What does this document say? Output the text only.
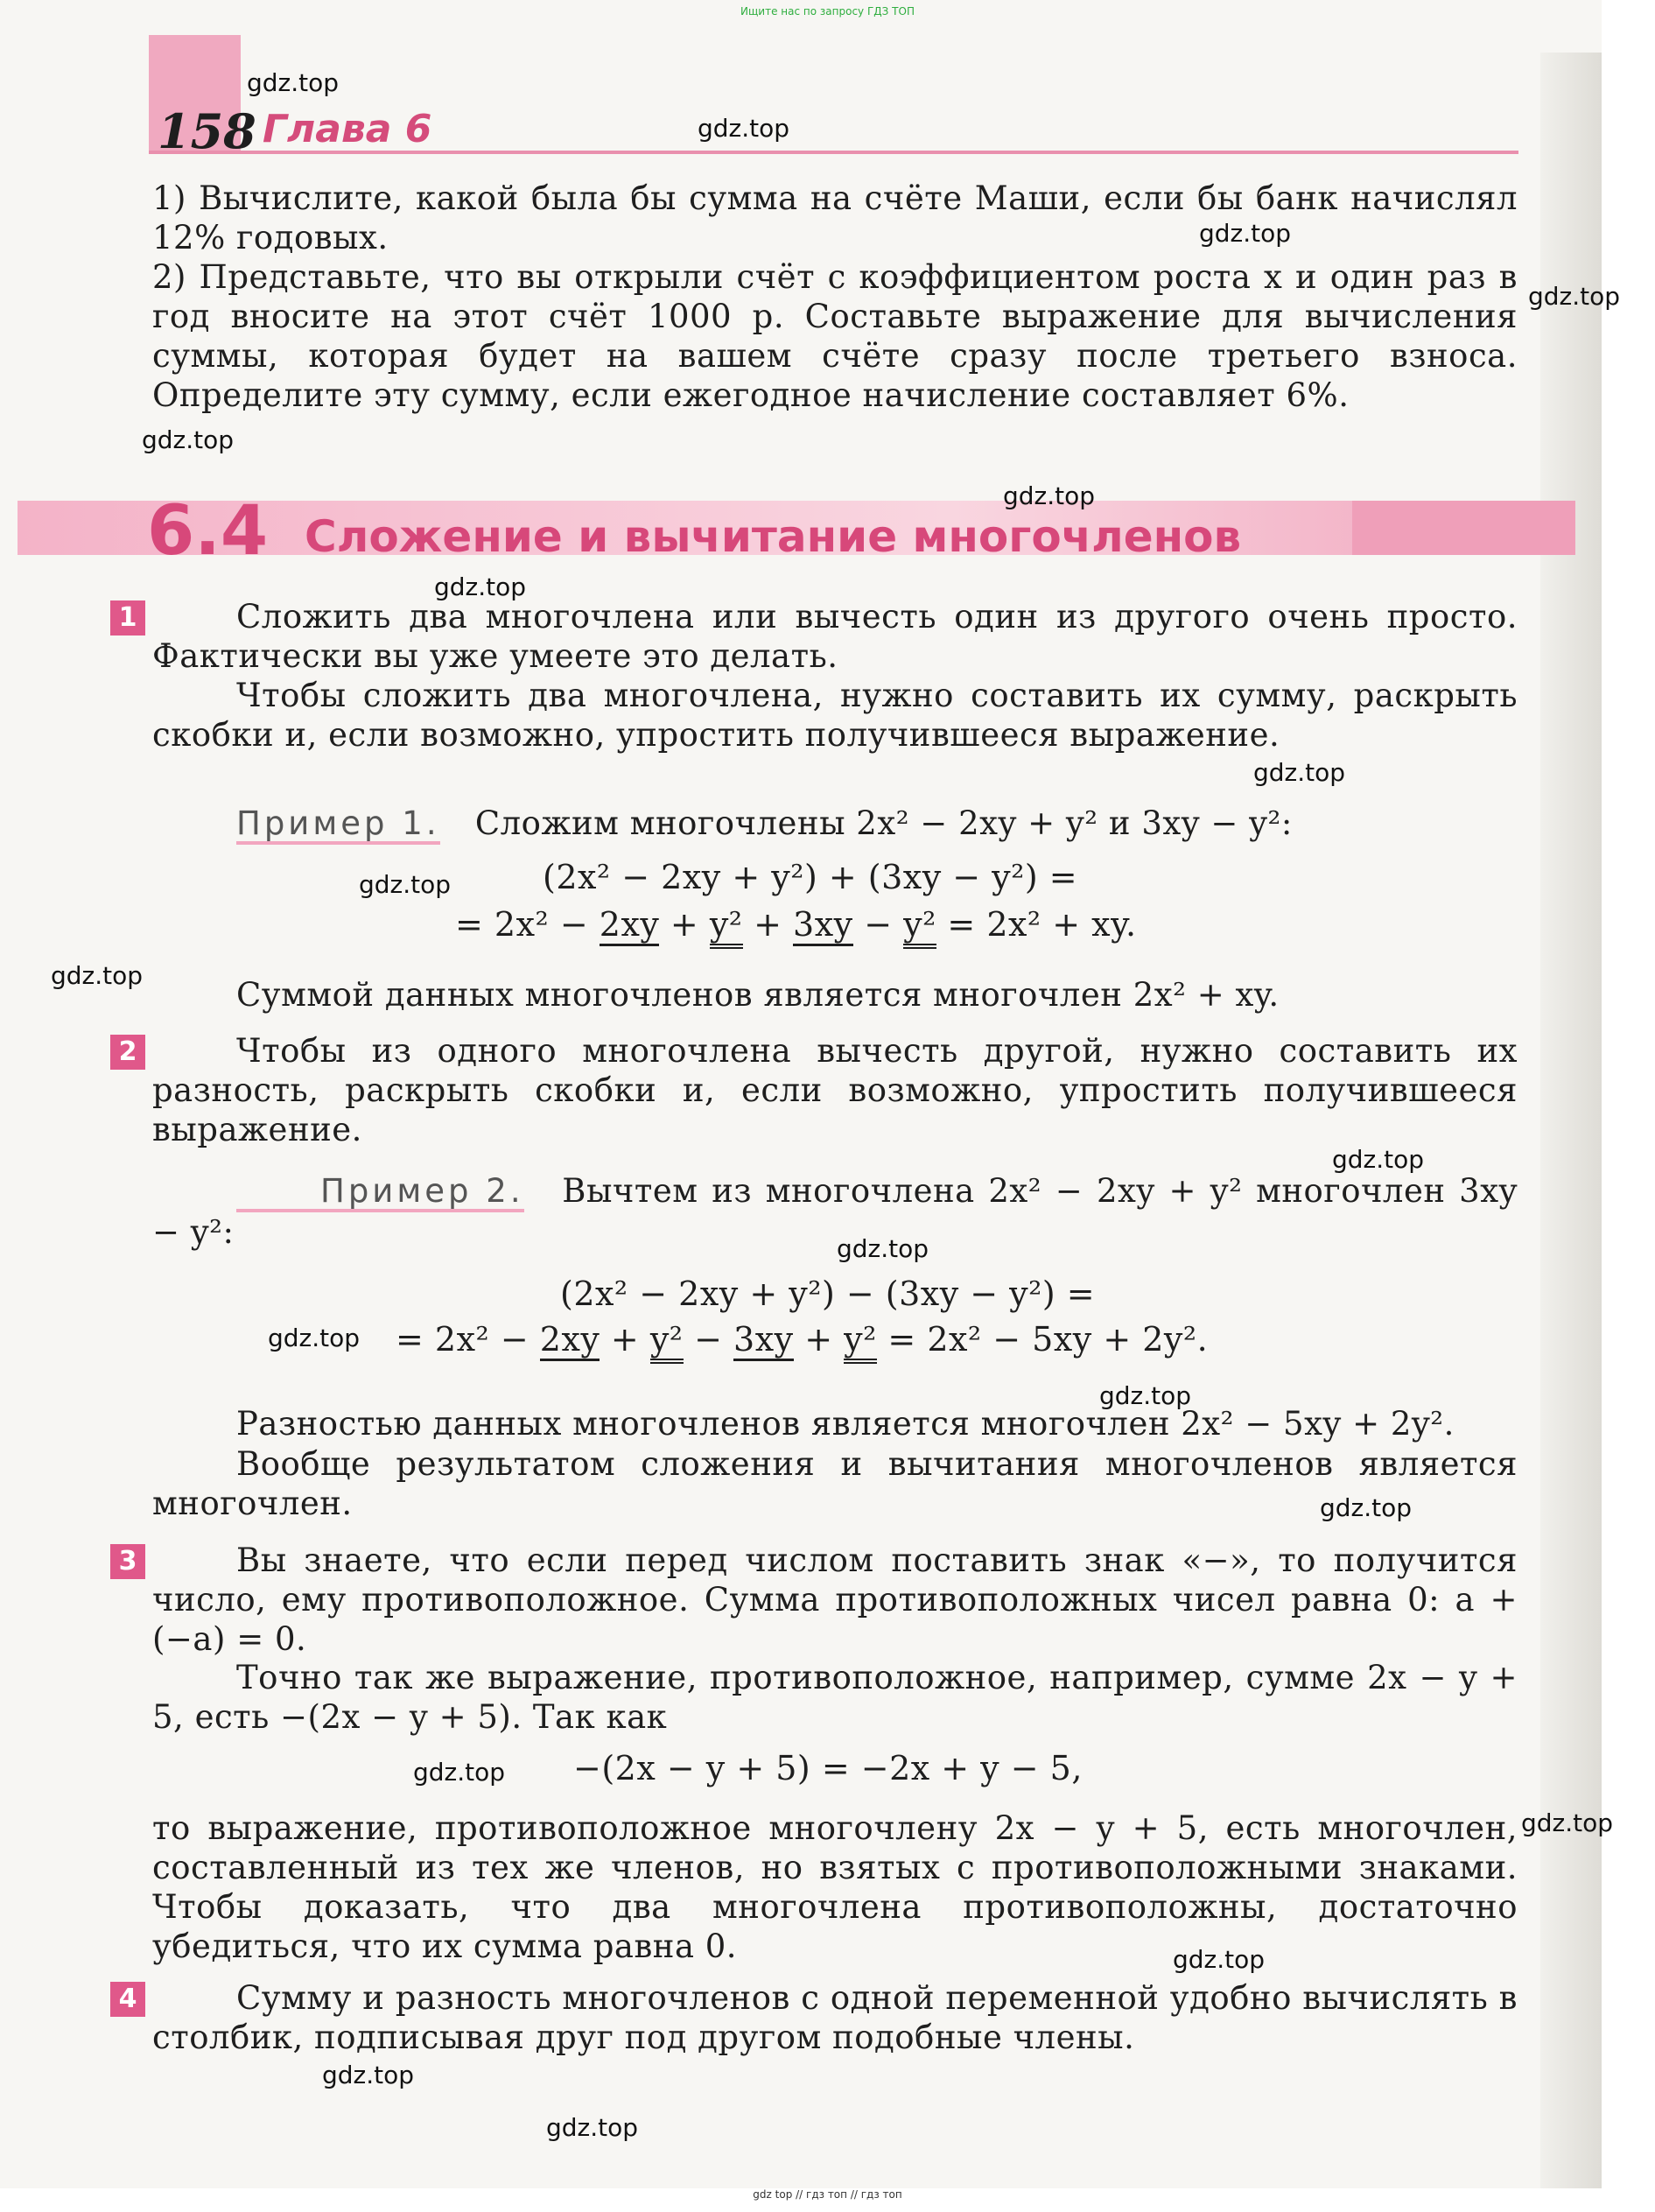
Ищите нас по запросу ГДЗ ТОП
158 Глава 6
1) Вычислите, какой была бы сумма на счёте Маши, если бы банк начислял 12% годовых.
2) Представьте, что вы открыли счёт с коэффициентом роста x и один раз в год вносите на этот счёт 1000 р. Составьте выражение для вычисления суммы, которая будет на вашем счёте сразу после третьего взноса. Определите эту сумму, если ежегодное начисление составляет 6%.
6.4 Сложение и вычитание многочленов
1	Сложить два многочлена или вычесть один из другого очень просто. Фактически вы уже умеете это делать.
Чтобы сложить два многочлена, нужно составить их сумму, раскрыть скобки и, если возможно, упростить получившееся выражение.
Пример 1. Сложим многочлены 2x² − 2xy + y² и 3xy − y²:
(2x² − 2xy + y²) + (3xy − y²) =
= 2x² − 2xy + y² + 3xy − y² = 2x² + xy.
Суммой данных многочленов является многочлен 2x² + xy.
2	Чтобы из одного многочлена вычесть другой, нужно составить их разность, раскрыть скобки и, если возможно, упростить получившееся выражение.
Пример 2. Вычтем из многочлена 2x² − 2xy + y² многочлен 3xy − y²:
(2x² − 2xy + y²) − (3xy − y²) =
= 2x² − 2xy + y² − 3xy + y² = 2x² − 5xy + 2y².
Разностью данных многочленов является многочлен 2x² − 5xy + 2y².
Вообще результатом сложения и вычитания многочленов является многочлен.
3	Вы знаете, что если перед числом поставить знак «−», то получится число, ему противоположное. Сумма противоположных чисел равна 0: a + (−a) = 0.
Точно так же выражение, противоположное, например, сумме 2x − y + 5, есть −(2x − y + 5). Так как
−(2x − y + 5) = −2x + y − 5,
то выражение, противоположное многочлену 2x − y + 5, есть многочлен, составленный из тех же членов, но взятых с противоположными знаками. Чтобы доказать, что два многочлена противоположны, достаточно убедиться, что их сумма равна 0.
4	Сумму и разность многочленов с одной переменной удобно вычислять в столбик, подписывая друг под другом подобные члены.
gdz.top
gdz.top
gdz.top
gdz.top
gdz.top
gdz.top
gdz.top
gdz.top
gdz.top
gdz.top
gdz.top
gdz.top
gdz.top
gdz.top
gdz.top
gdz.top
gdz.top
gdz.top
gdz.top
gdz.top
gdz top // гдз топ // гдз топ
